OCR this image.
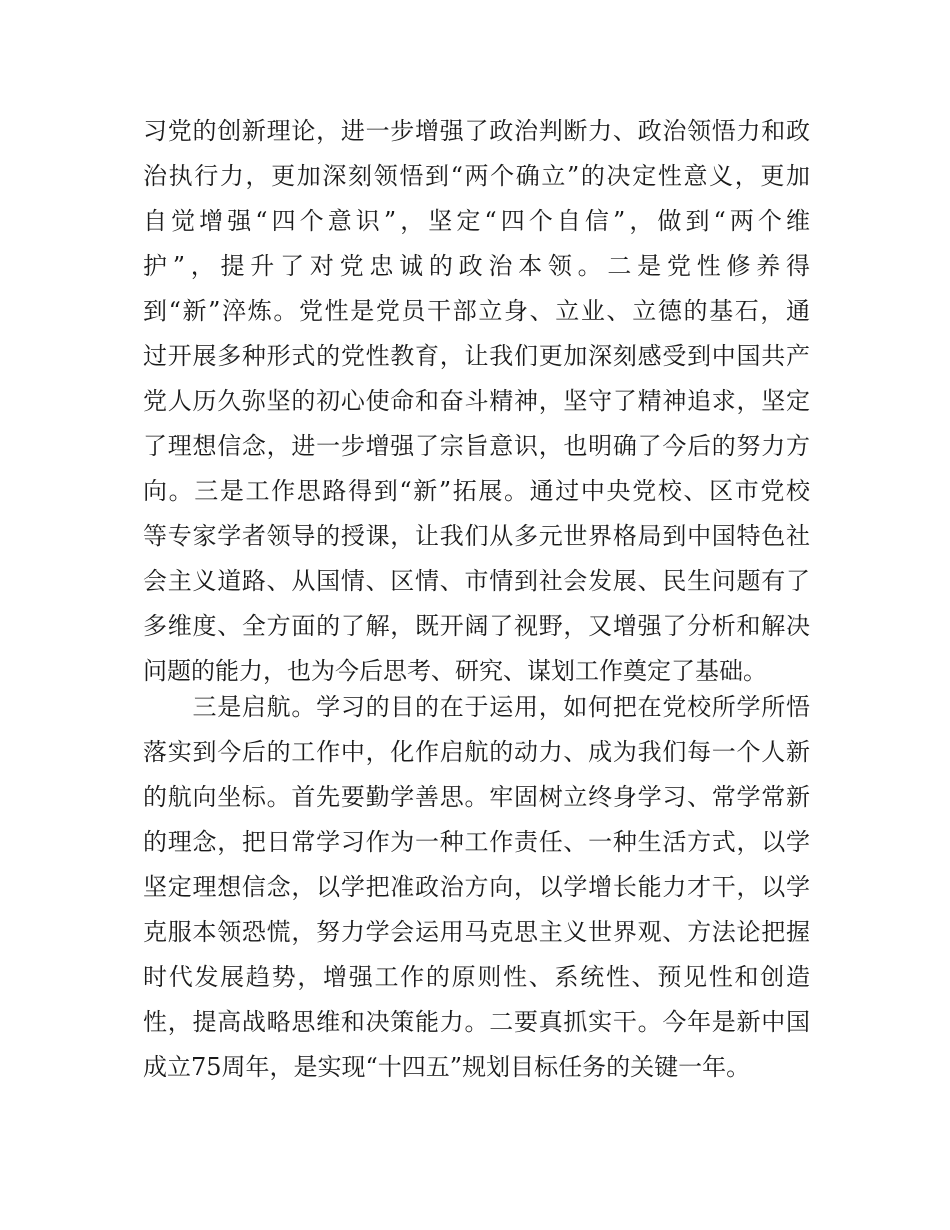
习党的创新理论，进一步增强了政治判断力、政治领悟力和政
治执行力，更加深刻领悟到“两个确立”的决定性意义，更加
自觉增强“四个意识”，坚定“四个自信”，做到“两个维
护”，提升了对党忠诚的政治本领。二是党性修养得
到“新”淬炼。党性是党员干部立身、立业、立德的基石，通
过开展多种形式的党性教育，让我们更加深刻感受到中国共产
党人历久弥坚的初心使命和奋斗精神，坚守了精神追求，坚定
了理想信念，进一步增强了宗旨意识，也明确了今后的努力方
向。三是工作思路得到“新”拓展。通过中央党校、区市党校
等专家学者领导的授课，让我们从多元世界格局到中国特色社
会主义道路、从国情、区情、市情到社会发展、民生问题有了
多维度、全方面的了解，既开阔了视野，又增强了分析和解决
问题的能力，也为今后思考、研究、谋划工作奠定了基础。
　　三是启航。学习的目的在于运用，如何把在党校所学所悟
落实到今后的工作中，化作启航的动力、成为我们每一个人新
的航向坐标。首先要勤学善思。牢固树立终身学习、常学常新
的理念，把日常学习作为一种工作责任、一种生活方式，以学
坚定理想信念，以学把准政治方向，以学增长能力才干，以学
克服本领恐慌，努力学会运用马克思主义世界观、方法论把握
时代发展趋势，增强工作的原则性、系统性、预见性和创造
性，提高战略思维和决策能力。二要真抓实干。今年是新中国
成立75周年，是实现“十四五”规划目标任务的关键一年。
